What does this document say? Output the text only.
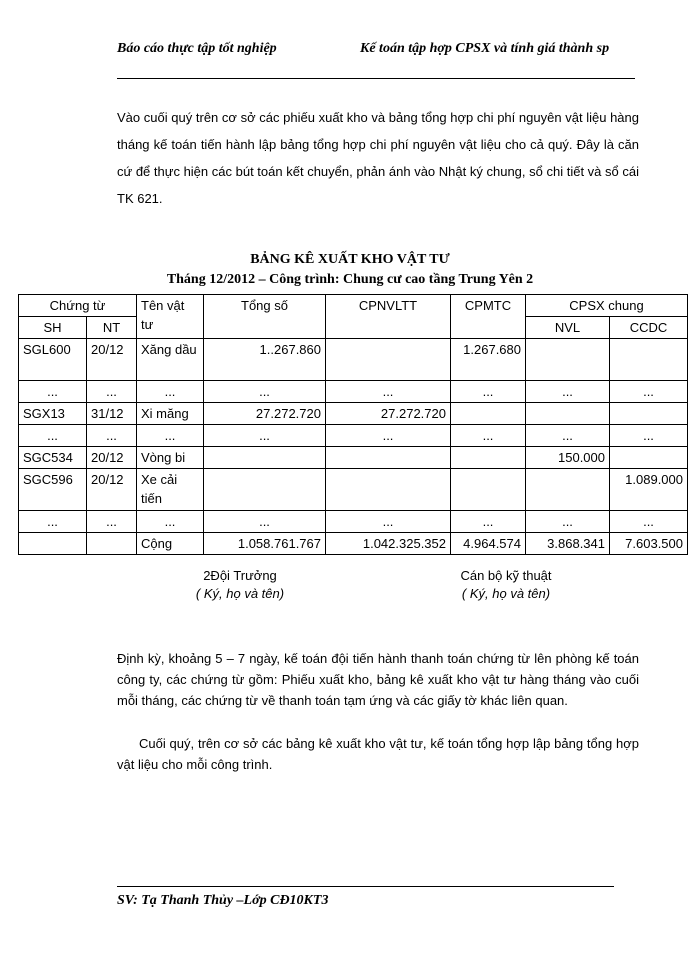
Báo cáo thực tập tốt nghiệp	Kế toán tập hợp CPSX và tính giá thành sp
Vào cuối quý trên cơ sở các phiếu xuất kho và bảng tổng hợp chi phí nguyên vật liệu hàng tháng kế toán tiến hành lập bảng tổng hợp chi phí nguyên vật liệu cho cả quý. Đây là căn cứ để thực hiện các bút toán kết chuyển, phản ánh vào Nhật ký chung, sổ chi tiết và sổ cái TK 621.
BẢNG KÊ XUẤT KHO VẬT TƯ
Tháng 12/2012 – Công trình: Chung cư cao tầng Trung Yên 2
Chứng từ		Tên vật tư	Tổng số	CPNVLTT	CPMTC	CPSX chung	
SH	NT					NVL	CCDC
SGL600	20/12	Xăng dầu	1..267.860		1.267.680		
...	...	...	...	...	...	...	...
SGX13	31/12	Xi măng	27.272.720	27.272.720			
...	...	...	...	...	...	...	...
SGC534	20/12	Vòng bi				150.000	
SGC596	20/12	Xe cải tiến					1.089.000
...	...	...	...	...	...	...	...
		Cộng	1.058.761.767	1.042.325.352	4.964.574	3.868.341	7.603.500
2Đội Trưởng
( Ký, họ và tên)
Cán bộ kỹ thuật
( Ký, họ và tên)
Định kỳ, khoảng 5 – 7 ngày, kế toán đội tiến hành thanh toán chứng từ lên phòng kế toán công ty, các chứng từ gồm: Phiếu xuất kho, bảng kê xuất kho vật tư hàng tháng vào cuối mỗi tháng, các chứng từ về thanh toán tạm ứng và các giấy tờ khác liên quan.
Cuối quý, trên cơ sở các bảng kê xuất kho vật tư, kế toán tổng hợp lập bảng tổng hợp vật liệu cho mỗi công trình.
SV: Tạ Thanh Thủy –Lớp CĐ10KT3
